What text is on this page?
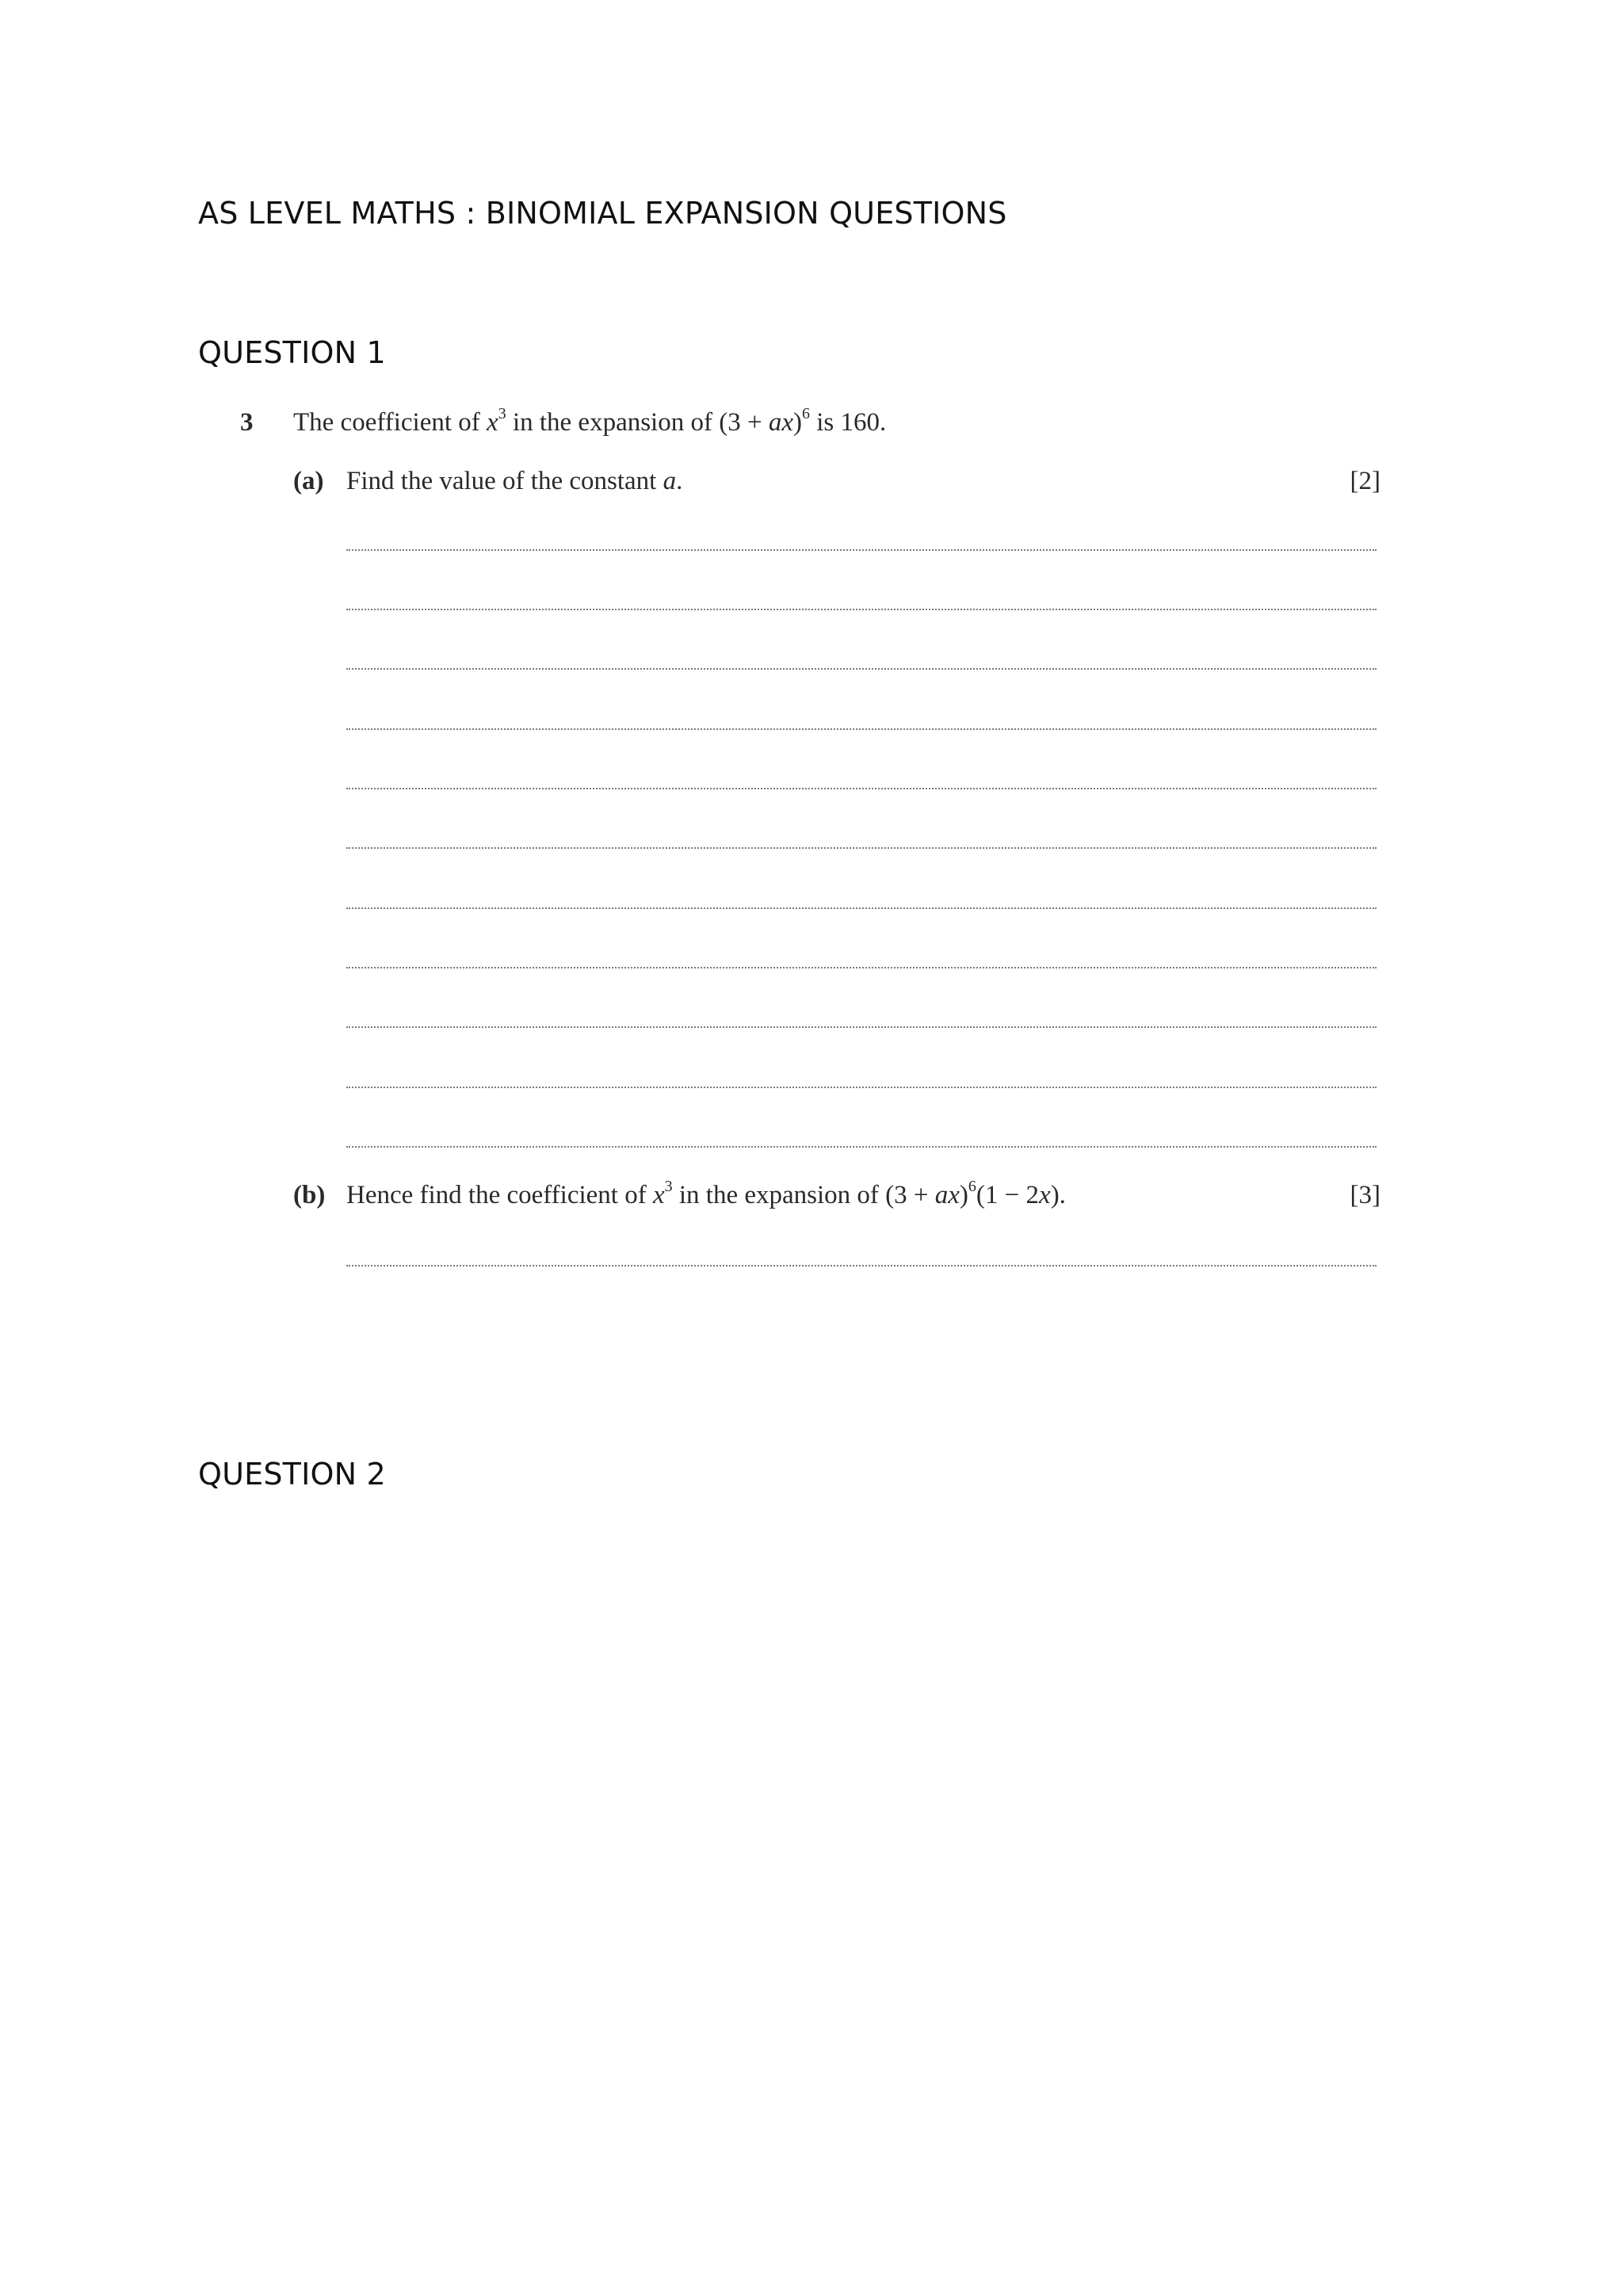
AS LEVEL MATHS : BINOMIAL EXPANSION QUESTIONS
QUESTION 1
3 The coefficient of $x^3$ in the expansion of (3 + ax)$^6$ is 160.
(a) Find the value of the constant a.	[2]
(b) Hence find the coefficient of $x^3$ in the expansion of (3 + ax)$^6$(1 − 2x).	[3]
QUESTION 2
